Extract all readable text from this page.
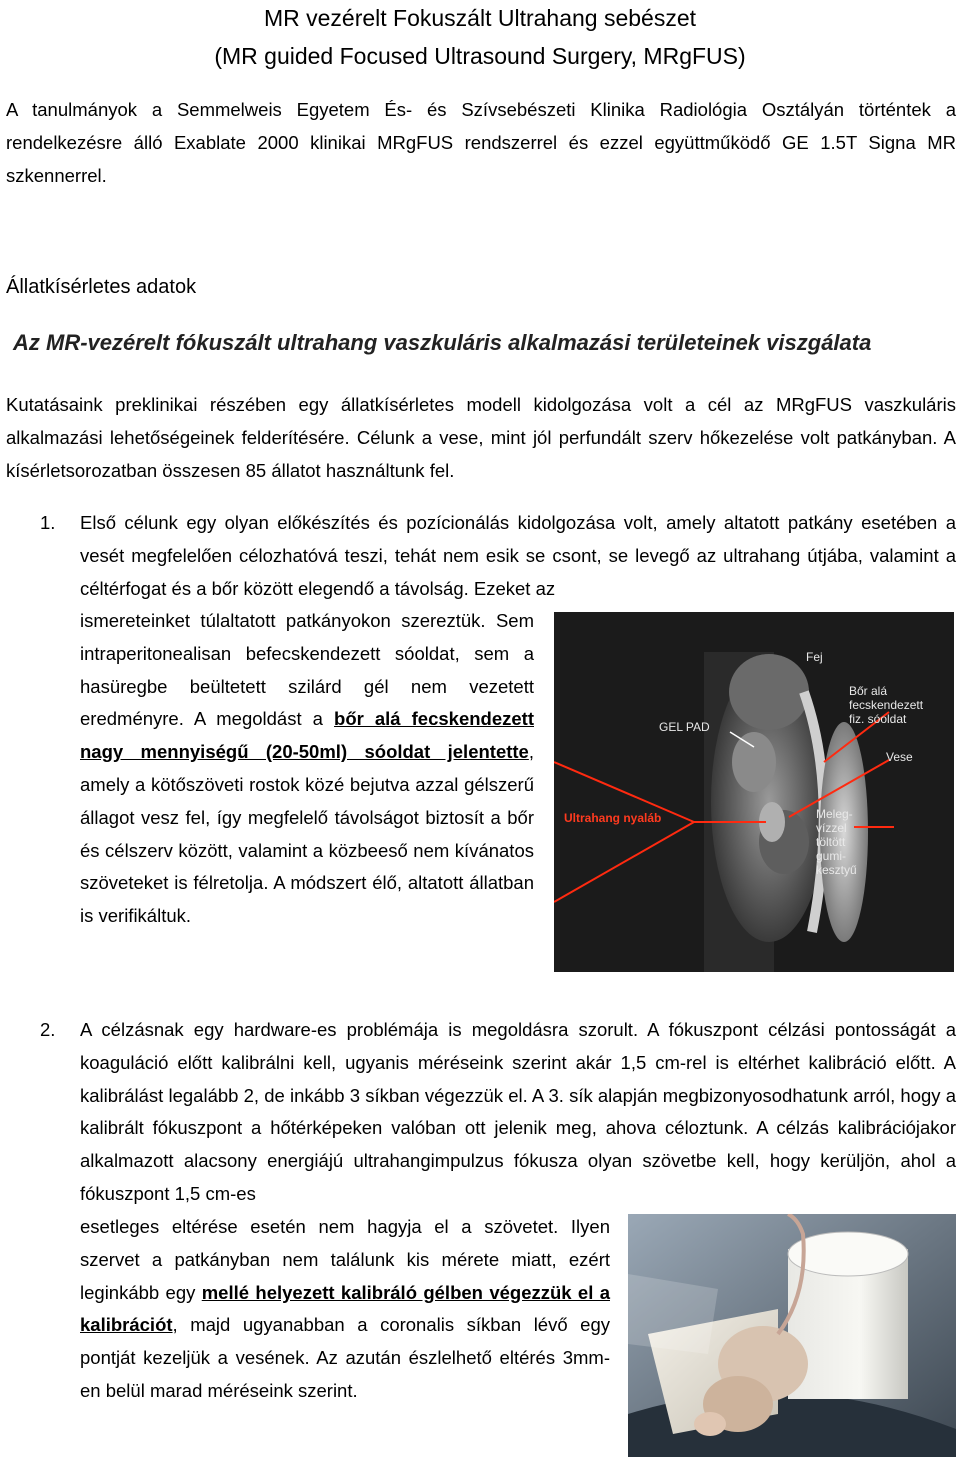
MR vezérelt Fokuszált Ultrahang sebészet
(MR guided Focused Ultrasound Surgery, MRgFUS)

A tanulmányok a Semmelweis Egyetem És- és Szívsebészeti Klinika Radiológia Osztályán történtek a rendelkezésre álló Exablate 2000 klinikai MRgFUS rendszerrel és ezzel együttműködő GE 1.5T Signa MR szkennerrel.

Állatkísérletes adatok
Az MR-vezérelt fókuszált ultrahang vaszkuláris alkalmazási területeinek viszgálata

Kutatásaink preklinikai részében egy állatkísérletes modell kidolgozása volt a cél az MRgFUS vaszkuláris alkalmazási lehetőségeinek felderítésére. Célunk a vese, mint jól perfundált szerv hőkezelése volt patkányban. A kísérletsorozatban összesen 85 állatot használtunk fel.

1. Első célunk egy olyan előkészítés és pozícionálás kidolgozása volt, amely altatott patkány esetében a vesét megfelelően célozhatóvá teszi, tehát nem esik se csont, se levegő az ultrahang útjába, valamint a céltérfogat és a bőr között elegendő a távolság. Ezeket az

ismereteinket túlaltatott patkányokon szereztük. Sem intraperitonealisan befecskendezett sóoldat, sem a hasüregbe beültetett szilárd gél nem vezetett eredményre. A megoldást a bőr alá fecskendezett nagy mennyiségű (20-50ml) sóoldat jelentette, amely a kötőszöveti rostok közé bejutva azzal gélszerű állagot vesz fel, így megfelelő távolságot biztosít a bőr és célszerv között, valamint a közbeeső nem kívánatos szöveteket is félretolja. A módszert élő, altatott állatban is verifikáltuk.

Fej
Bőr alá fecskendezett fiz. sóoldat
GEL PAD
Vese
Meleg-vízzel töltött gumi-kesztyű
Ultrahang nyaláb
2. A célzásnak egy hardware-es problémája is megoldásra szorult. A fókuszpont célzási pontosságát a koaguláció előtt kalibrálni kell, ugyanis méréseink szerint akár 1,5 cm-rel is eltérhet kalibráció előtt. A kalibrálást legalább 2, de inkább 3 síkban végezzük el. A 3. sík alapján megbizonyosodhatunk arról, hogy a kalibrált fókuszpont a hőtérképeken valóban ott jelenik meg, ahova céloztunk. A célzás kalibrációjakor alkalmazott alacsony energiájú ultrahangimpulzus fókusza olyan szövetbe kell, hogy kerüljön, ahol a fókuszpont 1,5 cm-es

esetleges eltérése esetén nem hagyja el a szövetet. Ilyen szervet a patkányban nem találunk kis mérete miatt, ezért leginkább egy mellé helyezett kalibráló gélben végezzük el a kalibrációt, majd ugyanabban a coronalis síkban lévő egy pontját kezeljük a vesének. Az azután észlelhető eltérés 3mm-en belül marad méréseink szerint.
